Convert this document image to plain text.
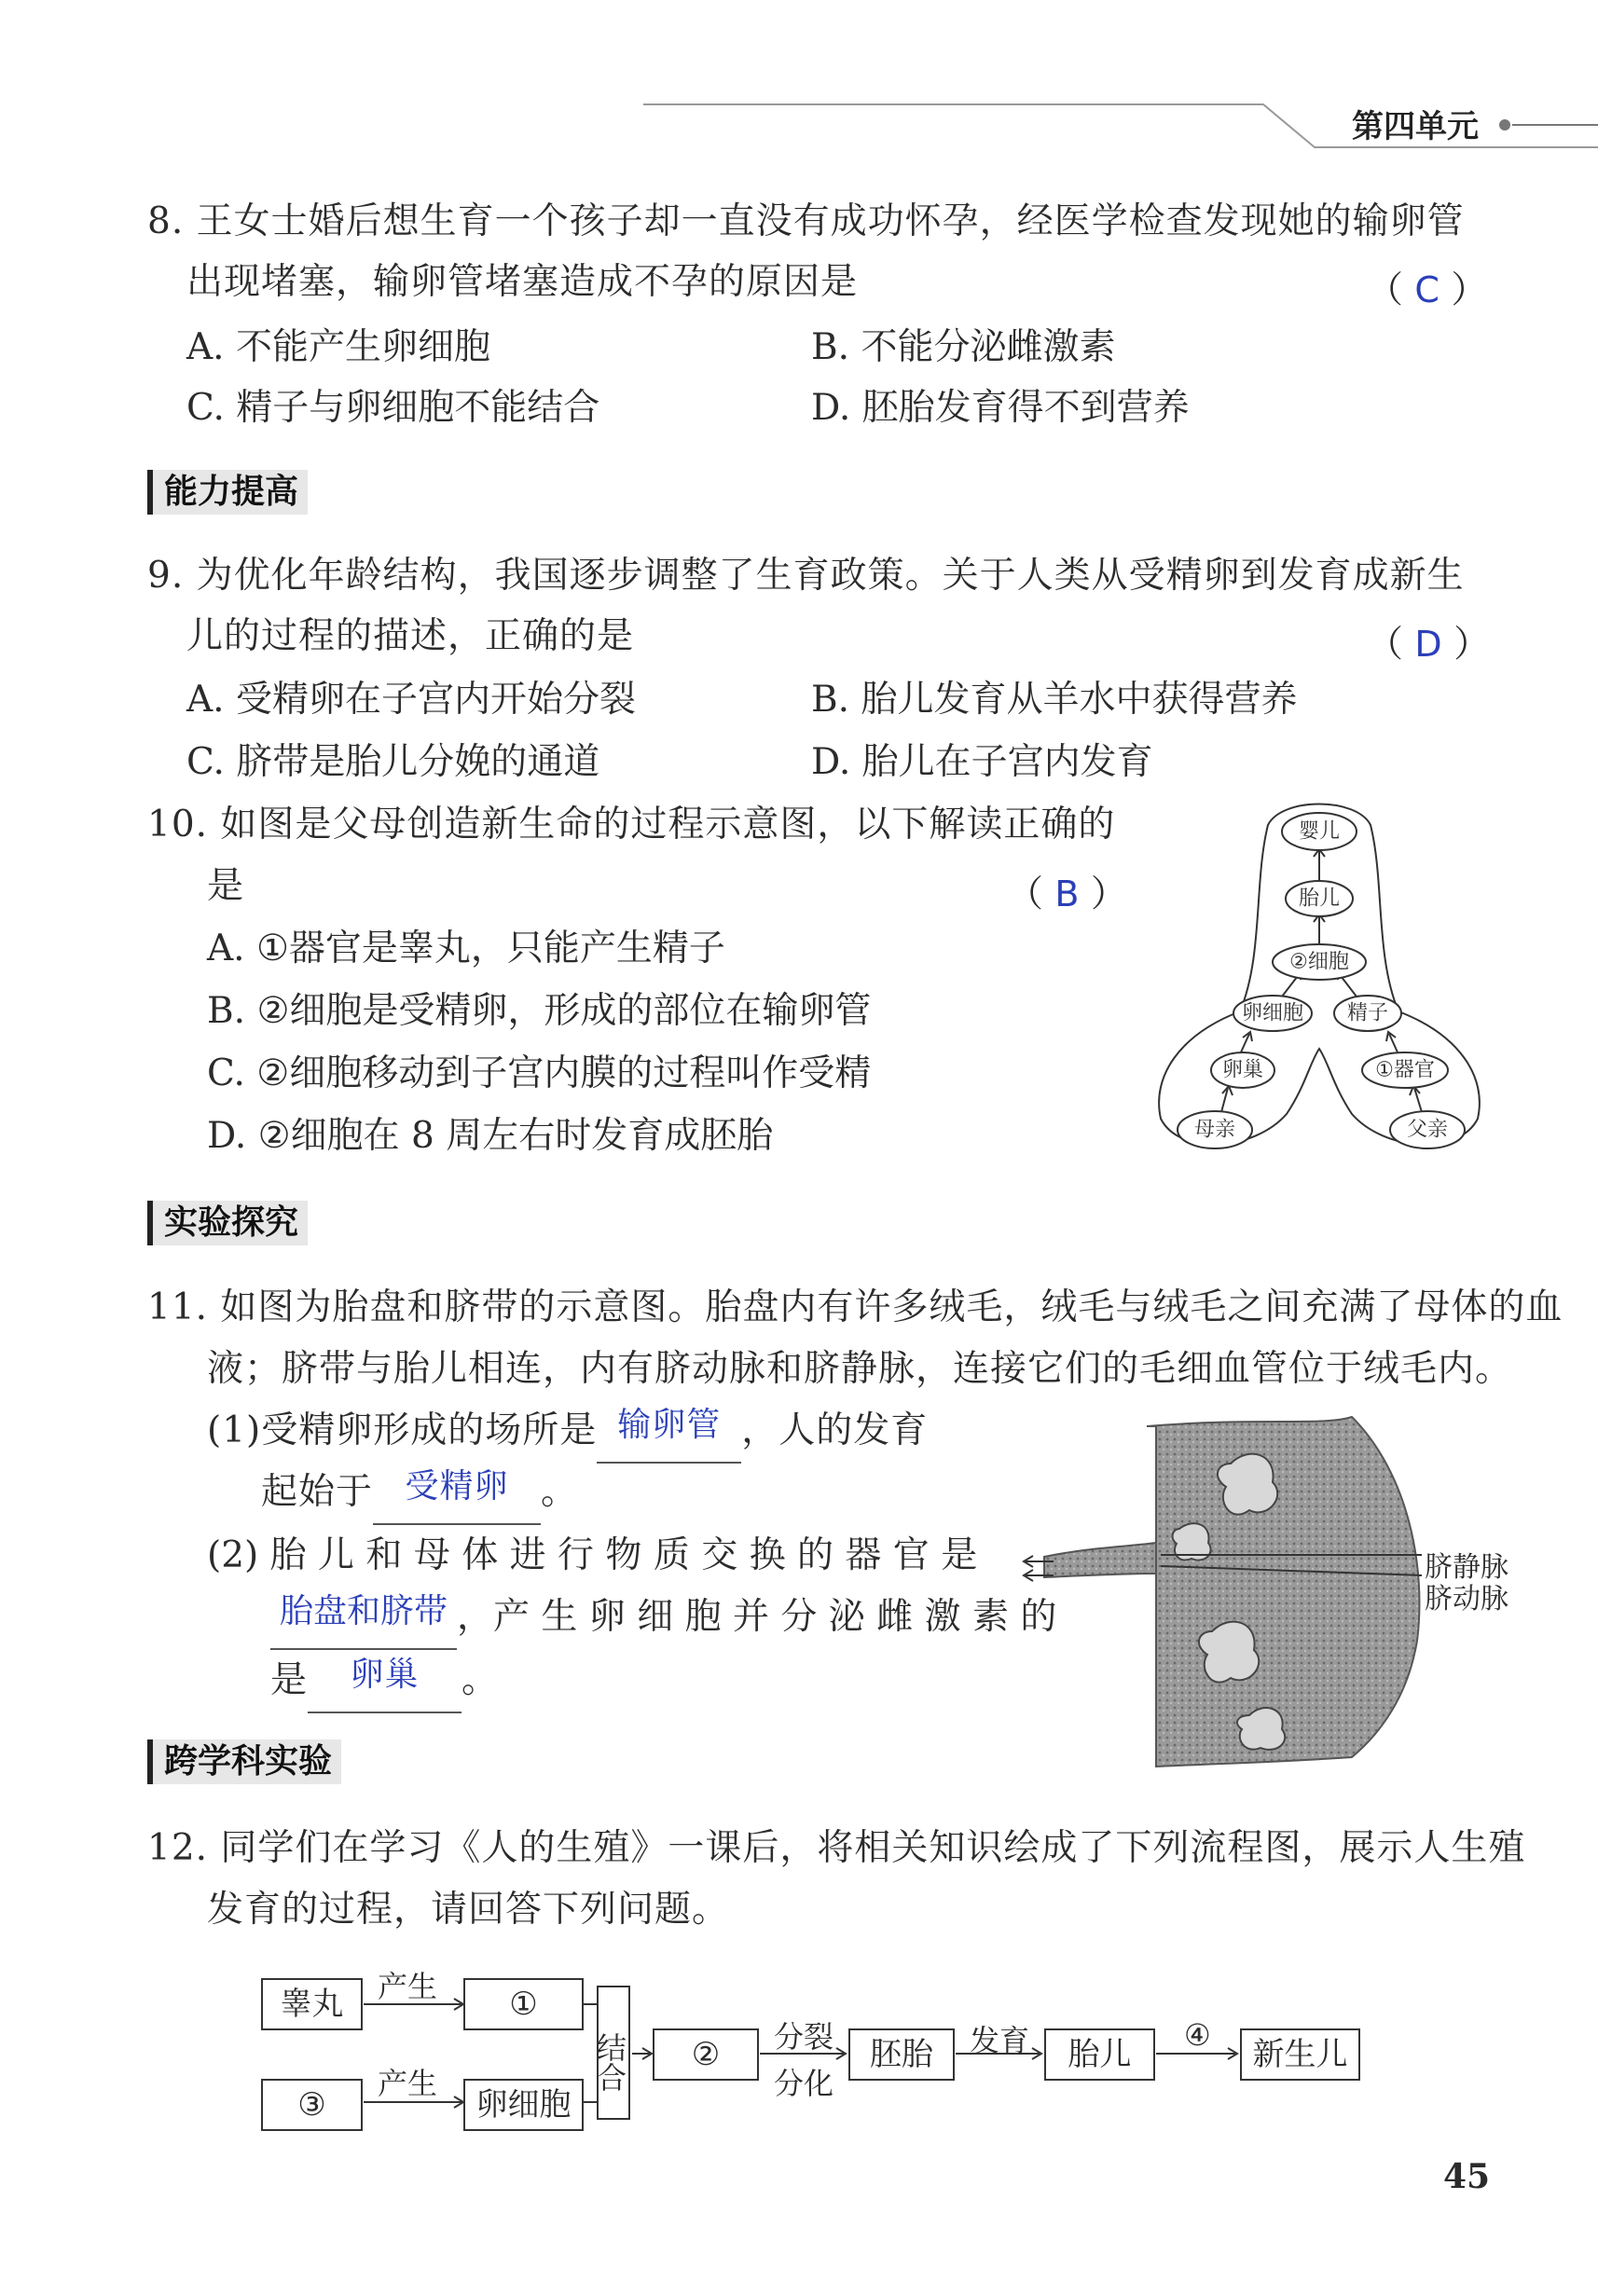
第四单元
8. 王女士婚后想生育一个孩子却一直没有成功怀孕，经医学检查发现她的输卵管
出现堵塞，输卵管堵塞造成不孕的原因是	（ C ）
A. 不能产生卵细胞	B. 不能分泌雌激素
C. 精子与卵细胞不能结合	D. 胚胎发育得不到营养
能力提高
9. 为优化年龄结构，我国逐步调整了生育政策。关于人类从受精卵到发育成新生
儿的过程的描述，正确的是	（ D ）
A. 受精卵在子宫内开始分裂	B. 胎儿发育从羊水中获得营养
C. 脐带是胎儿分娩的通道	D. 胎儿在子宫内发育
10. 如图是父母创造新生命的过程示意图，以下解读正确的
是	（ B ）
A. ①器官是睾丸，只能产生精子
B. ②细胞是受精卵，形成的部位在输卵管
C. ②细胞移动到子宫内膜的过程叫作受精
D. ②细胞在 8 周左右时发育成胚胎
婴儿
胎儿
②细胞
卵细胞 精子
卵巢	①器官
母亲	父亲
实验探究
11. 如图为胎盘和脐带的示意图。胎盘内有许多绒毛，绒毛与绒毛之间充满了母体的血
液；脐带与胎儿相连，内有脐动脉和脐静脉，连接它们的毛细血管位于绒毛内。
(1)受精卵形成的场所是 输卵管 ，人的发育
起始于 受精卵 。
(2) 胎 儿 和 母 体 进 行 物 质 交 换 的 器 官 是
胎盘和脐带 ，产 生 卵 细 胞 并 分 泌 雌 激 素 的
是	卵巢	。
脐静脉
脐动脉
跨学科实验
12. 同学们在学习《人的生殖》一课后，将相关知识绘成了下列流程图，展示人生殖
发育的过程，请回答下列问题。
睾丸	产生	①
③
产生
卵细胞
结合	②	分裂
分化
胚胎	发育	胎儿
④
新生儿
45
